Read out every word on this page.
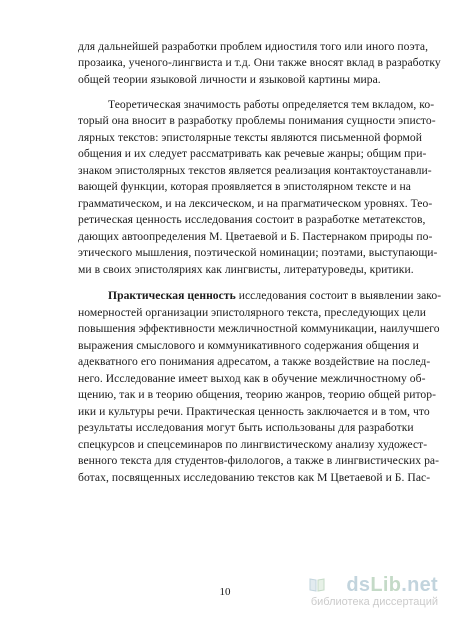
для дальнейшей разработки проблем идиостиля того или иного поэта,
прозаика, ученого-лингвиста и т.д. Они также вносят вклад в разработку
общей теории языковой личности и языковой картины мира.
Теоретическая значимость работы определяется тем вкладом, ко-
торый она вносит в разработку проблемы понимания сущности эписто-
лярных текстов: эпистолярные тексты являются письменной формой
общения и их следует рассматривать как речевые жанры; общим при-
знаком эпистолярных текстов является реализация контактоустанавли-
вающей функции, которая проявляется в эпистолярном тексте и на
грамматическом, и на лексическом, и на прагматическом уровнях. Тео-
ретическая ценность исследования состоит в разработке метатекстов,
дающих автоопределения М. Цветаевой и Б. Пастернаком природы по-
этического мышления, поэтической номинации; поэтами, выступающи-
ми в своих эпистоляриях как лингвисты, литературоведы, критики.
Практическая ценность исследования состоит в выявлении зако-
номерностей организации эпистолярного текста, преследующих цели
повышения эффективности межличностной коммуникации, наилучшего
выражения смыслового и коммуникативного содержания общения и
адекватного его понимания адресатом, а также воздействие на послед-
него. Исследование имеет выход как в обучение межличностному об-
щению, так и в теорию общения, теорию жанров, теорию общей ритор-
ики и культуры речи. Практическая ценность заключается и в том, что
результаты исследования могут быть использованы для разработки
спецкурсов и спецсеминаров по лингвистическому анализу художест-
венного текста для студентов-филологов, а также в лингвистических ра-
ботах, посвященных исследованию текстов как М Цветаевой и Б. Пас-
10	dsLib.net
библиотека диссертаций
